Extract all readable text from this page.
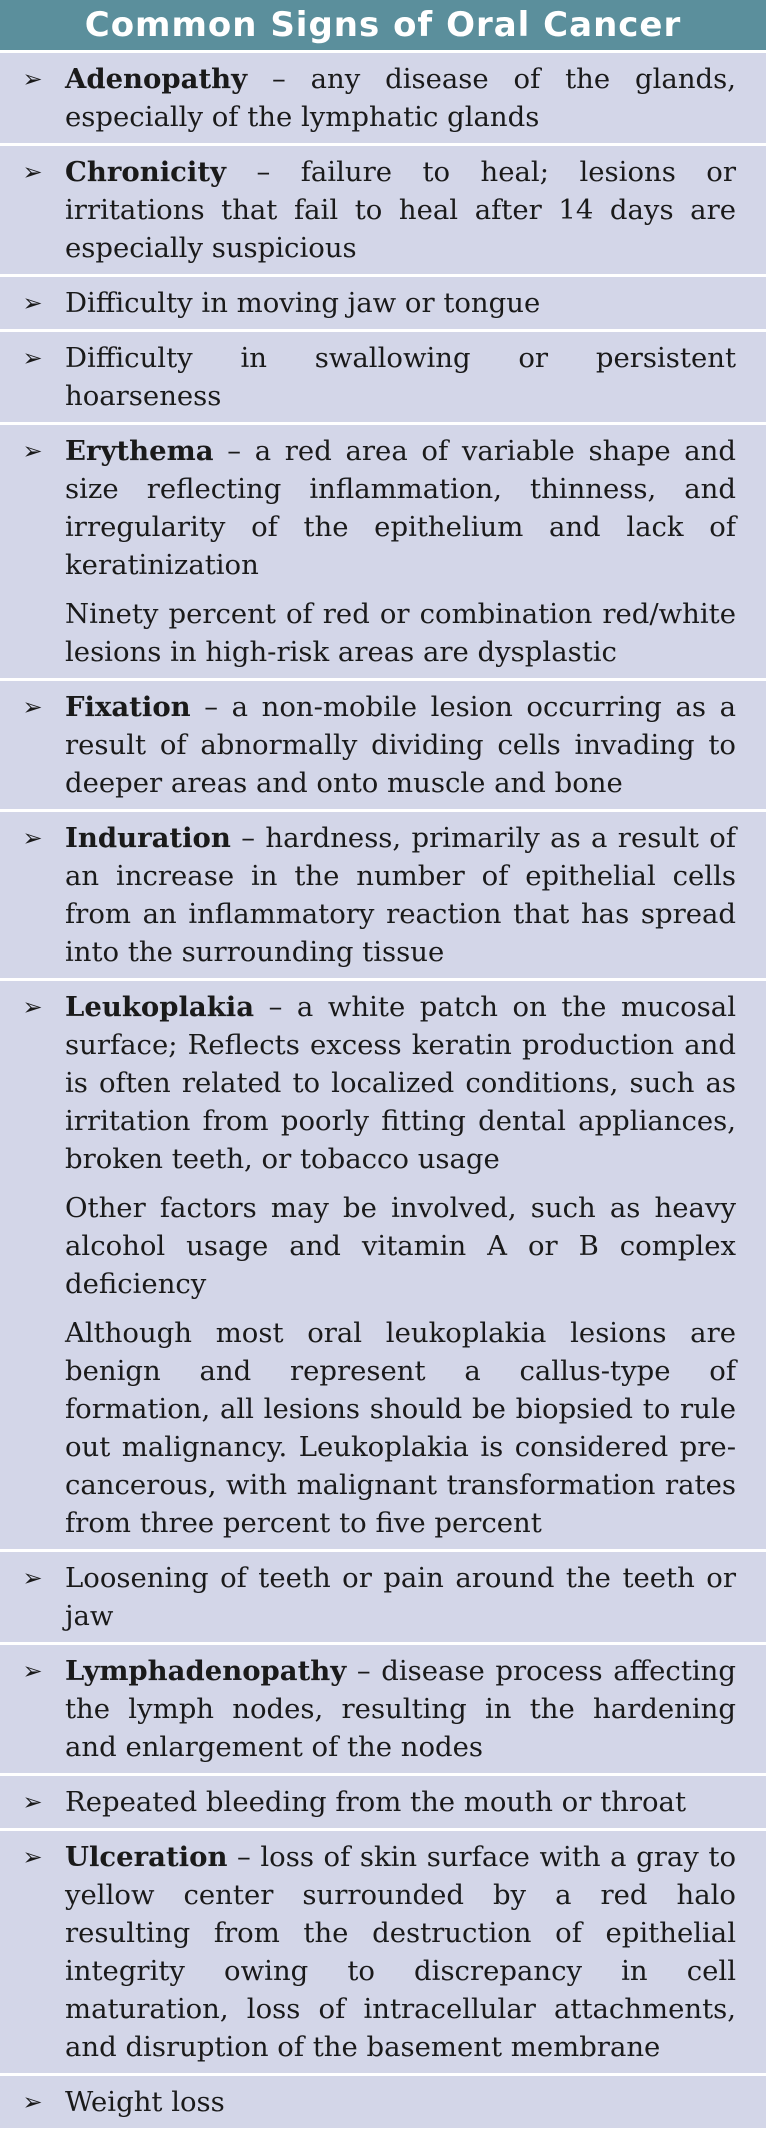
Common Signs of Oral Cancer
➢ Adenopathy – any disease of the glands, especially of the lymphatic glands

➢ Chronicity – failure to heal; lesions or irritations that fail to heal after 14 days are especially suspicious

➢ Difficulty in moving jaw or tongue

➢ Difficulty in swallowing or persistent hoarseness

➢ Erythema – a red area of variable shape and size reflecting inflammation, thinness, and irregularity of the epithelium and lack of keratinization

Ninety percent of red or combination red/white lesions in high-risk areas are dysplastic

➢ Fixation – a non-mobile lesion occurring as a result of abnormally dividing cells invading to deeper areas and onto muscle and bone

➢ Induration – hardness, primarily as a result of an increase in the number of epithelial cells from an inflammatory reaction that has spread into the surrounding tissue

➢ Leukoplakia – a white patch on the mucosal surface; Reflects excess keratin production and is often related to localized conditions, such as irritation from poorly fitting dental appliances, broken teeth, or tobacco usage

Other factors may be involved, such as heavy alcohol usage and vitamin A or B complex deficiency

Although most oral leukoplakia lesions are benign and represent a callus-type of formation, all lesions should be biopsied to rule out malignancy. Leukoplakia is considered pre-cancerous, with malignant transformation rates from three percent to five percent

➢ Loosening of teeth or pain around the teeth or jaw

➢ Lymphadenopathy – disease process affecting the lymph nodes, resulting in the hardening and enlargement of the nodes

➢ Repeated bleeding from the mouth or throat

➢ Ulceration – loss of skin surface with a gray to yellow center surrounded by a red halo resulting from the destruction of epithelial integrity owing to discrepancy in cell maturation, loss of intracellular attachments, and disruption of the basement membrane

➢ Weight loss
